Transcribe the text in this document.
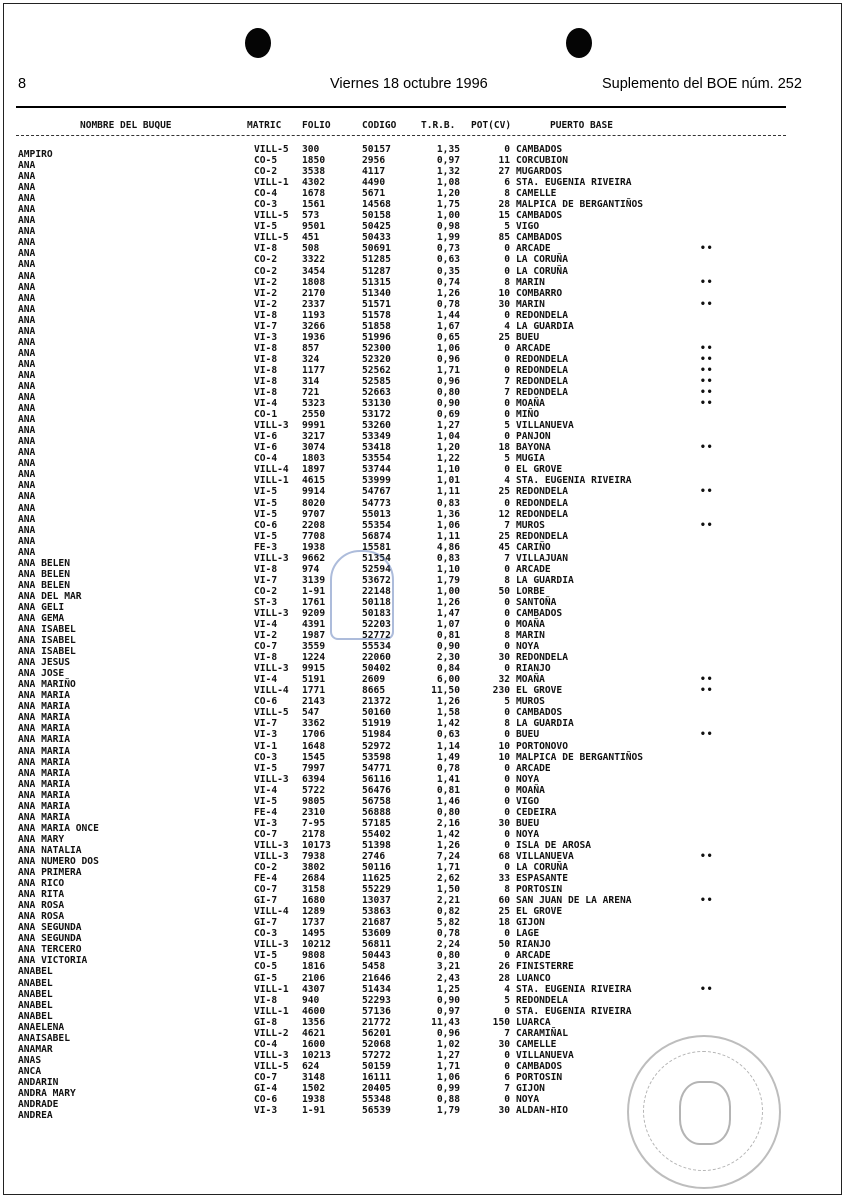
8	Viernes 18 octubre 1996	Suplemento del BOE núm. 252
NOMBRE DEL BUQUE	MATRIC FOLIO	CODIGO	T.R.B. POT(CV)	PUERTO BASE
AMPIRO	VILL-5 300	50157	1,35	0 CAMBADOS
ANA	CO-5	1850	2956	0,97	11 CORCUBION
ANA	CO-2	3538	4117	1,32	27 MUGARDOS
ANA	VILL-1 4302	4490	1,08	6 STA. EUGENIA RIVEIRA
ANA	CO-4	1678	5671	1,20	8 CAMELLE
ANA	CO-3	1561	14568	1,75	28 MALPICA DE BERGANTIÑOS
ANA	VILL-5 573	50158	1,00	15 CAMBADOS
ANA	VI-5	9501	50425	0,98	5 VIGO
ANA	VILL-5 451	50433	1,99	85 CAMBADOS
ANA	VI-8	508	50691	0,73	0 ARCADE	••
ANA	CO-2	3322	51285	0,63	0 LA CORUÑA
ANA	CO-2	3454	51287	0,35	0 LA CORUÑA
ANA	VI-2	1808	51315	0,74	8 MARIN	••
ANA	VI-2	2170	51340	1,26	10 COMBARRO
ANA	VI-2	2337	51571	0,78	30 MARIN	••
ANA	VI-8	1193	51578	1,44	0 REDONDELA
ANA	VI-7	3266	51858	1,67	4 LA GUARDIA
ANA	VI-3	1936	51996	0,65	25 BUEU
ANA	VI-8	857	52300	1,06	0 ARCADE	••
ANA	VI-8	324	52320	0,96	0 REDONDELA	••
ANA	VI-8	1177	52562	1,71	0 REDONDELA	••
ANA	VI-8	314	52585	0,96	7 REDONDELA	••
ANA	VI-8	721	52663	0,80	7 REDONDELA	••
ANA	VI-4	5323	53130	0,90	0 MOAÑA	••
ANA	CO-1	2550	53172	0,69	0 MIÑO
ANA	VILL-3 9991	53260	1,27	5 VILLANUEVA
ANA	VI-6	3217	53349	1,04	0 PANJON
ANA	VI-6	3074	53418	1,20	18 BAYONA	••
ANA	CO-4	1803	53554	1,22	5 MUGIA
ANA	VILL-4 1897	53744	1,10	0 EL GROVE
ANA	VILL-1 4615	53999	1,01	4 STA. EUGENIA RIVEIRA
ANA	VI-5	9914	54767	1,11	25 REDONDELA	••
ANA	VI-5	8020	54773	0,83	0 REDONDELA
ANA	VI-5	9707	55013	1,36	12 REDONDELA
ANA	CO-6	2208	55354	1,06	7 MUROS	••
ANA	VI-5	7708	56874	1,11	25 REDONDELA
ANA	FE-3	1938	15581	4,86	45 CARIÑO
ANA BELEN	VILL-3 9662	51354	0,83	7 VILLAJUAN
ANA BELEN	VI-8	974	52594	1,10	0 ARCADE
ANA BELEN	VI-7	3139	53672	1,79	8 LA GUARDIA
ANA DEL MAR	CO-2	1-91	22148	1,00	50 LORBE
ANA GELI	ST-3	1761	50118	1,26	0 SANTOÑA
ANA GEMA	VILL-3 9209	50183	1,47	0 CAMBADOS
ANA ISABEL	VI-4	4391	52203	1,07	0 MOAÑA
ANA ISABEL	VI-2	1987	52772	0,81	8 MARIN
ANA ISABEL	CO-7	3559	55534	0,90	0 NOYA
ANA JESUS	VI-8	1224	22060	2,30	30 REDONDELA
ANA JOSE	VILL-3 9915	50402	0,84	0 RIANJO
ANA MARIÑO	VI-4	5191	2609	6,00	32 MOAÑA	••
ANA MARIA	VILL-4 1771	8665	11,50	230 EL GROVE	••
ANA MARIA	CO-6	2143	21372	1,26	5 MUROS
ANA MARIA	VILL-5 547	50160	1,58	0 CAMBADOS
ANA MARIA	VI-7	3362	51919	1,42	8 LA GUARDIA
ANA MARIA	VI-3	1706	51984	0,63	0 BUEU	••
ANA MARIA	VI-1	1648	52972	1,14	10 PORTONOVO
ANA MARIA	CO-3	1545	53598	1,49	10 MALPICA DE BERGANTIÑOS
ANA MARIA	VI-5	7997	54771	0,78	0 ARCADE
ANA MARIA	VILL-3 6394	56116	1,41	0 NOYA
ANA MARIA	VI-4	5722	56476	0,81	0 MOAÑA
ANA MARIA	VI-5	9805	56758	1,46	0 VIGO
ANA MARIA	FE-4	2310	56888	0,80	0 CEDEIRA
ANA MARIA ONCE	VI-3	7-95	57185	2,16	30 BUEU
ANA MARY	CO-7	2178	55402	1,42	0 NOYA
ANA NATALIA	VILL-3 10173	51398	1,26	0 ISLA DE AROSA
ANA NUMERO DOS	VILL-3 7938	2746	7,24	68 VILLANUEVA	••
ANA PRIMERA	CO-2	3802	50116	1,71	0 LA CORUÑA
ANA RICO	FE-4	2684	11625	2,62	33 ESPASANTE
ANA RITA	CO-7	3158	55229	1,50	8 PORTOSIN
ANA ROSA	GI-7	1680	13037	2,21	60 SAN JUAN DE LA ARENA	••
ANA ROSA	VILL-4 1289	53863	0,82	25 EL GROVE
ANA SEGUNDA	GI-7	1737	21687	5,82	18 GIJON
ANA SEGUNDA	CO-3	1495	53609	0,78	0 LAGE
ANA TERCERO	VILL-3 10212	56811	2,24	50 RIANJO
ANA VICTORIA	VI-5	9808	50443	0,80	0 ARCADE
ANABEL	CO-5	1816	5458	3,21	26 FINISTERRE
ANABEL	GI-5	2106	21646	2,43	28 LUANCO
ANABEL	VILL-1 4307	51434	1,25	4 STA. EUGENIA RIVEIRA	••
ANABEL	VI-8	940	52293	0,90	5 REDONDELA
ANABEL	VILL-1 4600	57136	0,97	0 STA. EUGENIA RIVEIRA
ANAELENA	GI-8	1356	21772	11,43	150 LUARCA
ANAISABEL	VILL-2 4621	56201	0,96	7 CARAMIÑAL
ANAMAR	CO-4	1600	52068	1,02	30 CAMELLE
ANAS	VILL-3 10213	57272	1,27	0 VILLANUEVA
ANCA	VILL-5 624	50159	1,71	0 CAMBADOS
ANDARIN	CO-7	3148	16111	1,06	6 PORTOSIN
ANDRA MARY	GI-4	1502	20405	0,99	7 GIJON
ANDRADE	CO-6	1938	55348	0,88	0 NOYA
ANDREA	VI-3	1-91	56539	1,79	30 ALDAN-HIO
